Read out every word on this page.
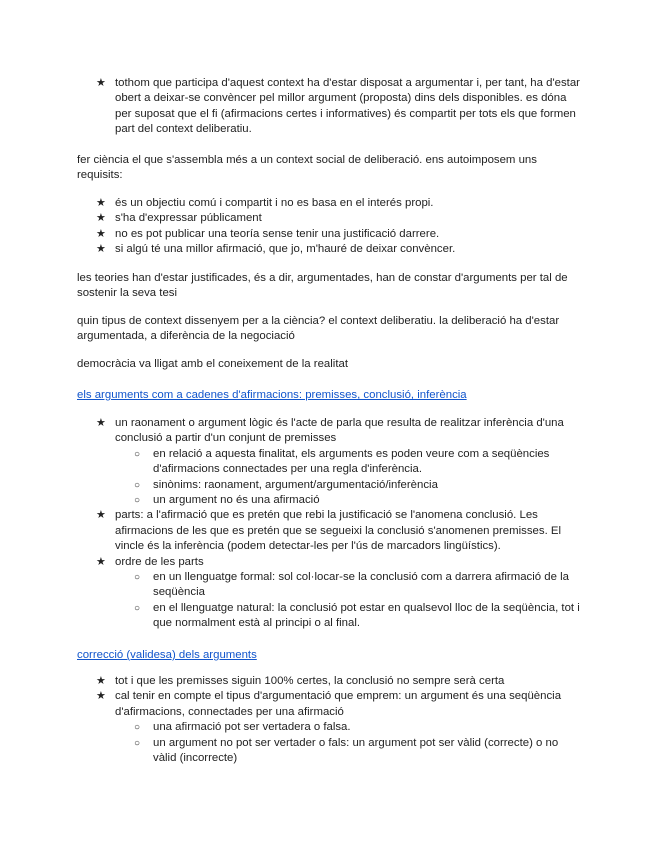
★ tothom que participa d'aquest context ha d'estar disposat a argumentar i, per tant, ha d'estar obert a deixar-se convèncer pel millor argument (proposta) dins dels disponibles. es dóna per suposat que el fi (afirmacions certes i informatives) és compartit per tots els que formen part del context deliberatiu.

fer ciència el que s'assembla més a un context social de deliberació. ens autoimposem uns requisits:

★ és un objectiu comú i compartit i no es basa en el interés propi.
★ s'ha d'expressar públicament
★ no es pot publicar una teoría sense tenir una justificació darrere.
★ si algú té una millor afirmació, que jo, m'hauré de deixar convèncer.

les teories han d'estar justificades, és a dir, argumentades, han de constar d'arguments per tal de sostenir la seva tesi

quin tipus de context dissenyem per a la ciència? el context deliberatiu. la deliberació ha d'estar argumentada, a diferència de la negociació

democràcia va lligat amb el coneixement de la realitat

els arguments com a cadenes d'afirmacions: premisses, conclusió, inferència
★ un raonament o argument lògic és l'acte de parla que resulta de realitzar inferència d'una conclusió a partir d'un conjunt de premisses
○ en relació a aquesta finalitat, els arguments es poden veure com a seqüències d'afirmacions connectades per una regla d'inferència.
○ sinònims: raonament, argument/argumentació/inferència
○ un argument no és una afirmació
★ parts: a l'afirmació que es pretén que rebi la justificació se l'anomena conclusió. Les afirmacions de les que es pretén que se segueixi la conclusió s'anomenen premisses. El vincle és la inferència (podem detectar-les per l'ús de marcadors lingüístics).
★ ordre de les parts
○ en un llenguatge formal: sol col·locar-se la conclusió com a darrera afirmació de la seqüència
○ en el llenguatge natural: la conclusió pot estar en qualsevol lloc de la seqüència, tot i que normalment està al principi o al final.
correcció (validesa) dels arguments
★ tot i que les premisses siguin 100% certes, la conclusió no sempre serà certa
★ cal tenir en compte el tipus d'argumentació que emprem: un argument és una seqüència d'afirmacions, connectades per una afirmació
○ una afirmació pot ser vertadera o falsa.
○ un argument no pot ser vertader o fals: un argument pot ser vàlid (correcte) o no vàlid (incorrecte)
